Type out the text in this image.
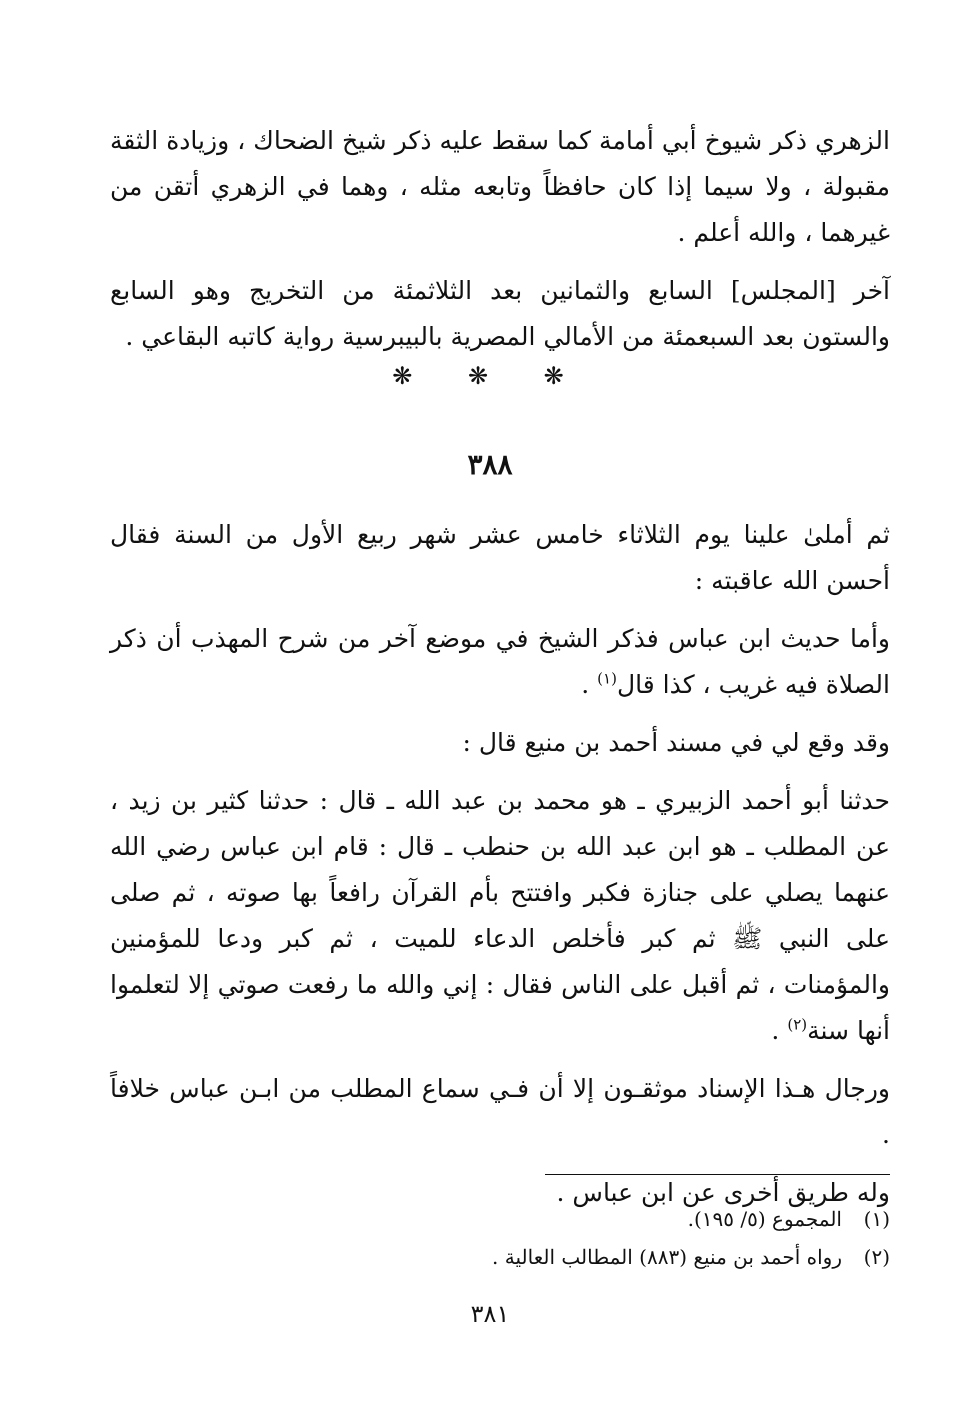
الزهري ذكر شيوخ أبي أمامة كما سقط عليه ذكر شيخ الضحاك ، وزيادة الثقة مقبولة ، ولا سيما إذا كان حافظاً وتابعه مثله ، وهما في الزهري أتقن من غيرهما ، والله أعلم .

آخر [المجلس] السابع والثمانين بعد الثلاثمئة من التخريج وهو السابع والستون بعد السبعمئة من الأمالي المصرية بالبيبرسية رواية كاتبه البقاعي .

❋ ❋ ❋
٣٨٨

ثم أملىٰ علينا يوم الثلاثاء خامس عشر شهر ربيع الأول من السنة فقال أحسن الله عاقبته :

وأما حديث ابن عباس فذكر الشيخ في موضع آخر من شرح المهذب أن ذكر الصلاة فيه غريب ، كذا قال$^{(١)}$ .

وقد وقع لي في مسند أحمد بن منيع قال :

حدثنا أبو أحمد الزبيري ـ هو محمد بن عبد الله ـ قال : حدثنا كثير بن زيد ، عن المطلب ـ هو ابن عبد الله بن حنطب ـ قال : قام ابن عباس رضي الله عنهما يصلي على جنازة فكبر وافتتح بأم القرآن رافعاً بها صوته ، ثم صلى على النبي ﷺ ثم كبر فأخلص الدعاء للميت ، ثم كبر ودعا للمؤمنين والمؤمنات ، ثم أقبل على الناس فقال : إني والله ما رفعت صوتي إلا لتعلموا أنها سنة$^{(٢)}$ .

ورجال هـذا الإسناد موثقـون إلا أن فـي سماع المطلب من ابـن عباس خلافاً .

وله طريق أخرى عن ابن عباس .

(١)المجموع (٥/ ١٩٥).

(٢)رواه أحمد بن منيع (٨٨٣) المطالب العالية .

٣٨١
